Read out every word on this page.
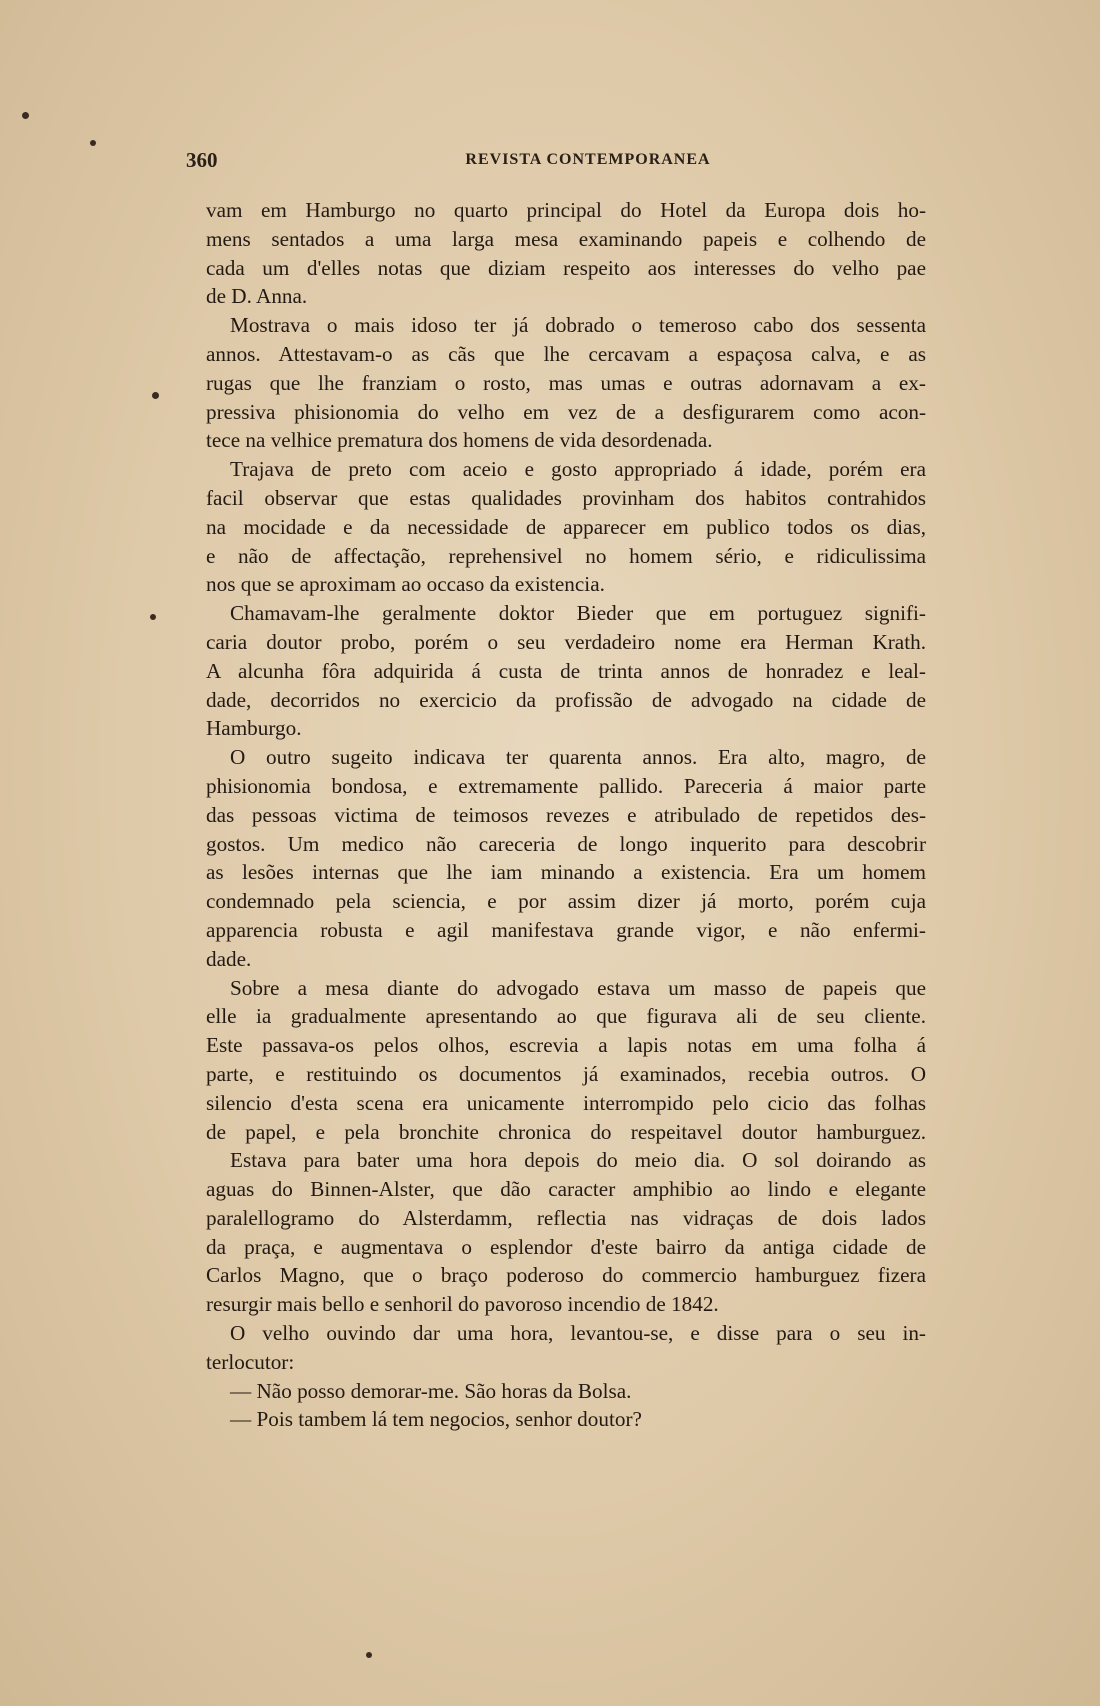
360	REVISTA CONTEMPORANEA
vam em Hamburgo no quarto principal do Hotel da Europa dois ho-
mens sentados a uma larga mesa examinando papeis e colhendo de
cada um d'elles notas que diziam respeito aos interesses do velho pae
de D. Anna.
Mostrava o mais idoso ter já dobrado o temeroso cabo dos sessenta
annos. Attestavam-o as cãs que lhe cercavam a espaçosa calva, e as
rugas que lhe franziam o rosto, mas umas e outras adornavam a ex-
pressiva phisionomia do velho em vez de a desfigurarem como acon-
tece na velhice prematura dos homens de vida desordenada.
Trajava de preto com aceio e gosto appropriado á idade, porém era
facil observar que estas qualidades provinham dos habitos contrahidos
na mocidade e da necessidade de apparecer em publico todos os dias,
e não de affectação, reprehensivel no homem sério, e ridiculissima
nos que se aproximam ao occaso da existencia.
Chamavam-lhe geralmente doktor Bieder que em portuguez signifi-
caria doutor probo, porém o seu verdadeiro nome era Herman Krath.
A alcunha fôra adquirida á custa de trinta annos de honradez e leal-
dade, decorridos no exercicio da profissão de advogado na cidade de
Hamburgo.
O outro sugeito indicava ter quarenta annos. Era alto, magro, de
phisionomia bondosa, e extremamente pallido. Pareceria á maior parte
das pessoas victima de teimosos revezes e atribulado de repetidos des-
gostos. Um medico não careceria de longo inquerito para descobrir
as lesões internas que lhe iam minando a existencia. Era um homem
condemnado pela sciencia, e por assim dizer já morto, porém cuja
apparencia robusta e agil manifestava grande vigor, e não enfermi-
dade.
Sobre a mesa diante do advogado estava um masso de papeis que
elle ia gradualmente apresentando ao que figurava ali de seu cliente.
Este passava-os pelos olhos, escrevia a lapis notas em uma folha á
parte, e restituindo os documentos já examinados, recebia outros. O
silencio d'esta scena era unicamente interrompido pelo cicio das folhas
de papel, e pela bronchite chronica do respeitavel doutor hamburguez.
Estava para bater uma hora depois do meio dia. O sol doirando as
aguas do Binnen-Alster, que dão caracter amphibio ao lindo e elegante
paralellogramo do Alsterdamm, reflectia nas vidraças de dois lados
da praça, e augmentava o esplendor d'este bairro da antiga cidade de
Carlos Magno, que o braço poderoso do commercio hamburguez fizera
resurgir mais bello e senhoril do pavoroso incendio de 1842.
O velho ouvindo dar uma hora, levantou-se, e disse para o seu in-
terlocutor:
— Não posso demorar-me. São horas da Bolsa.
— Pois tambem lá tem negocios, senhor doutor?
